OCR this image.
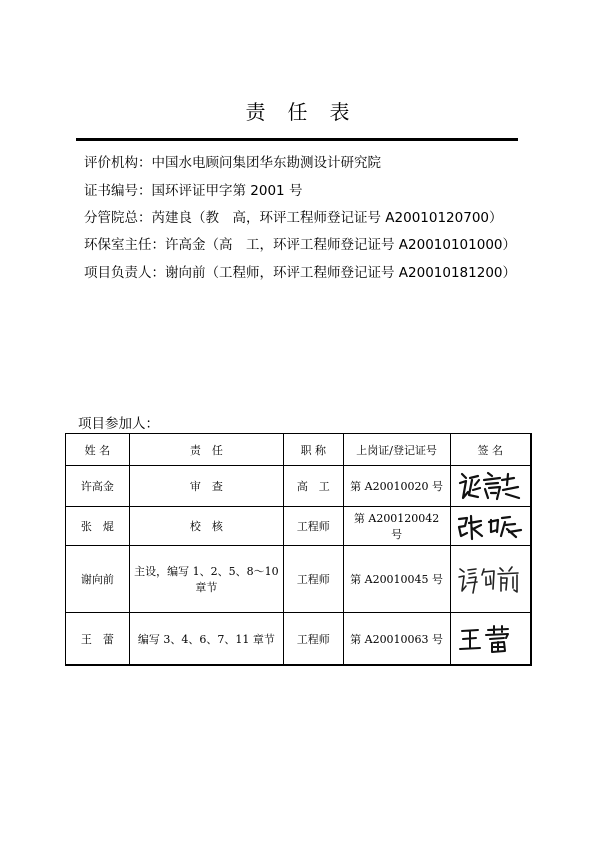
责 任 表
评价机构：中国水电顾问集团华东勘测设计研究院
证书编号：国环评证甲字第 2001 号
分管院总：芮建良（教　高，环评工程师登记证号 A20010120700）
环保室主任：许高金（高　工，环评工程师登记证号 A20010101000）
项目负责人：谢向前（工程师，环评工程师登记证号 A20010181200）
项目参加人：
姓 名	责　任	职 称	上岗证/登记证号	签 名
许高金	审　查	高　工	第 A20010020 号	

张　焜	校　核	工程师	第 A200120042 号	

谢向前	主设，编写 1、2、5、8～10 章节	工程师	第 A20010045 号	

王　蕾	编写 3、4、6、7、11 章节	工程师	第 A20010063 号	
